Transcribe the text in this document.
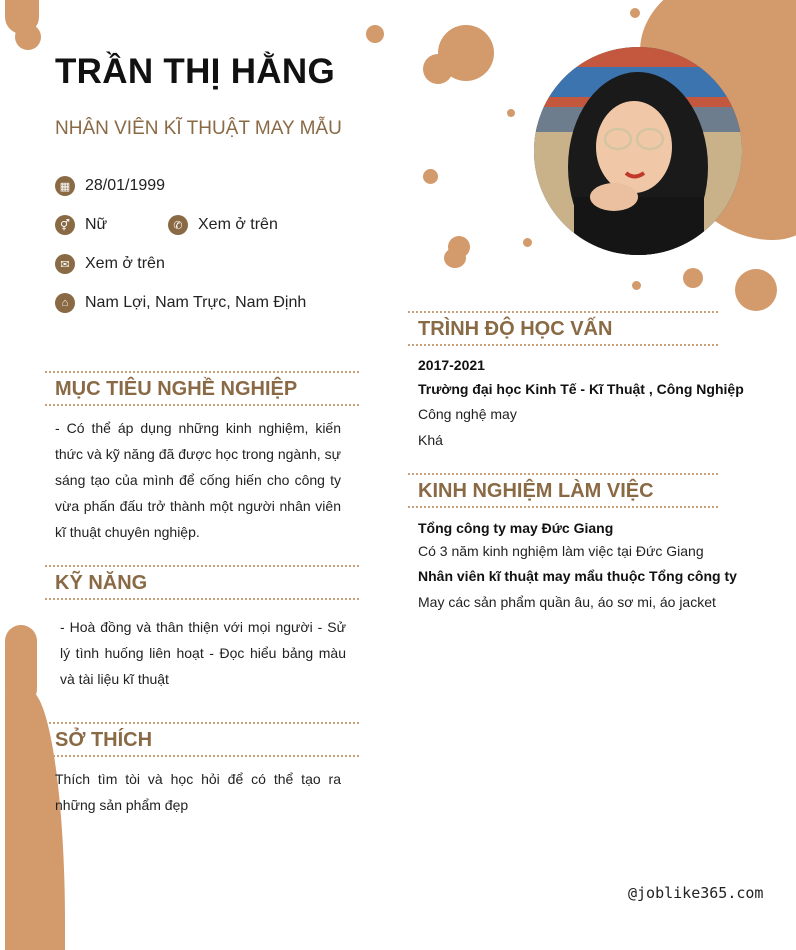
TRẦN THỊ HẰNG
NHÂN VIÊN KĨ THUẬT MAY MẪU
▦ 28/01/1999
⚥ Nữ	✆ Xem ở trên
✉ Xem ở trên
⌂	Nam Lợi, Nam Trực, Nam Định
MỤC TIÊU NGHỀ NGHIỆP
- Có thể áp dụng những kinh nghiệm, kiến thức và kỹ năng đã được học trong ngành, sự sáng tạo của mình để cống hiến cho công ty vừa phấn đấu trở thành một người nhân viên kĩ thuật chuyên nghiệp.
KỸ NĂNG
- Hoà đồng và thân thiện với mọi người - Sử lý tình huống liên hoạt - Đọc hiểu bảng màu và tài liệu kĩ thuật
SỞ THÍCH
Thích tìm tòi và học hỏi để có thể tạo ra những sản phẩm đẹp
TRÌNH ĐỘ HỌC VẤN
2017-2021
Trường đại học Kinh Tế - Kĩ Thuật , Công Nghiệp
Công nghệ may
Khá
KINH NGHIỆM LÀM VIỆC
Tổng công ty may Đức Giang
Có 3 năm kinh nghiệm làm việc tại Đức Giang
Nhân viên kĩ thuật may mẩu thuộc Tổng công ty
May các sản phẩm quần âu, áo sơ mi, áo jacket
@joblike365.com
